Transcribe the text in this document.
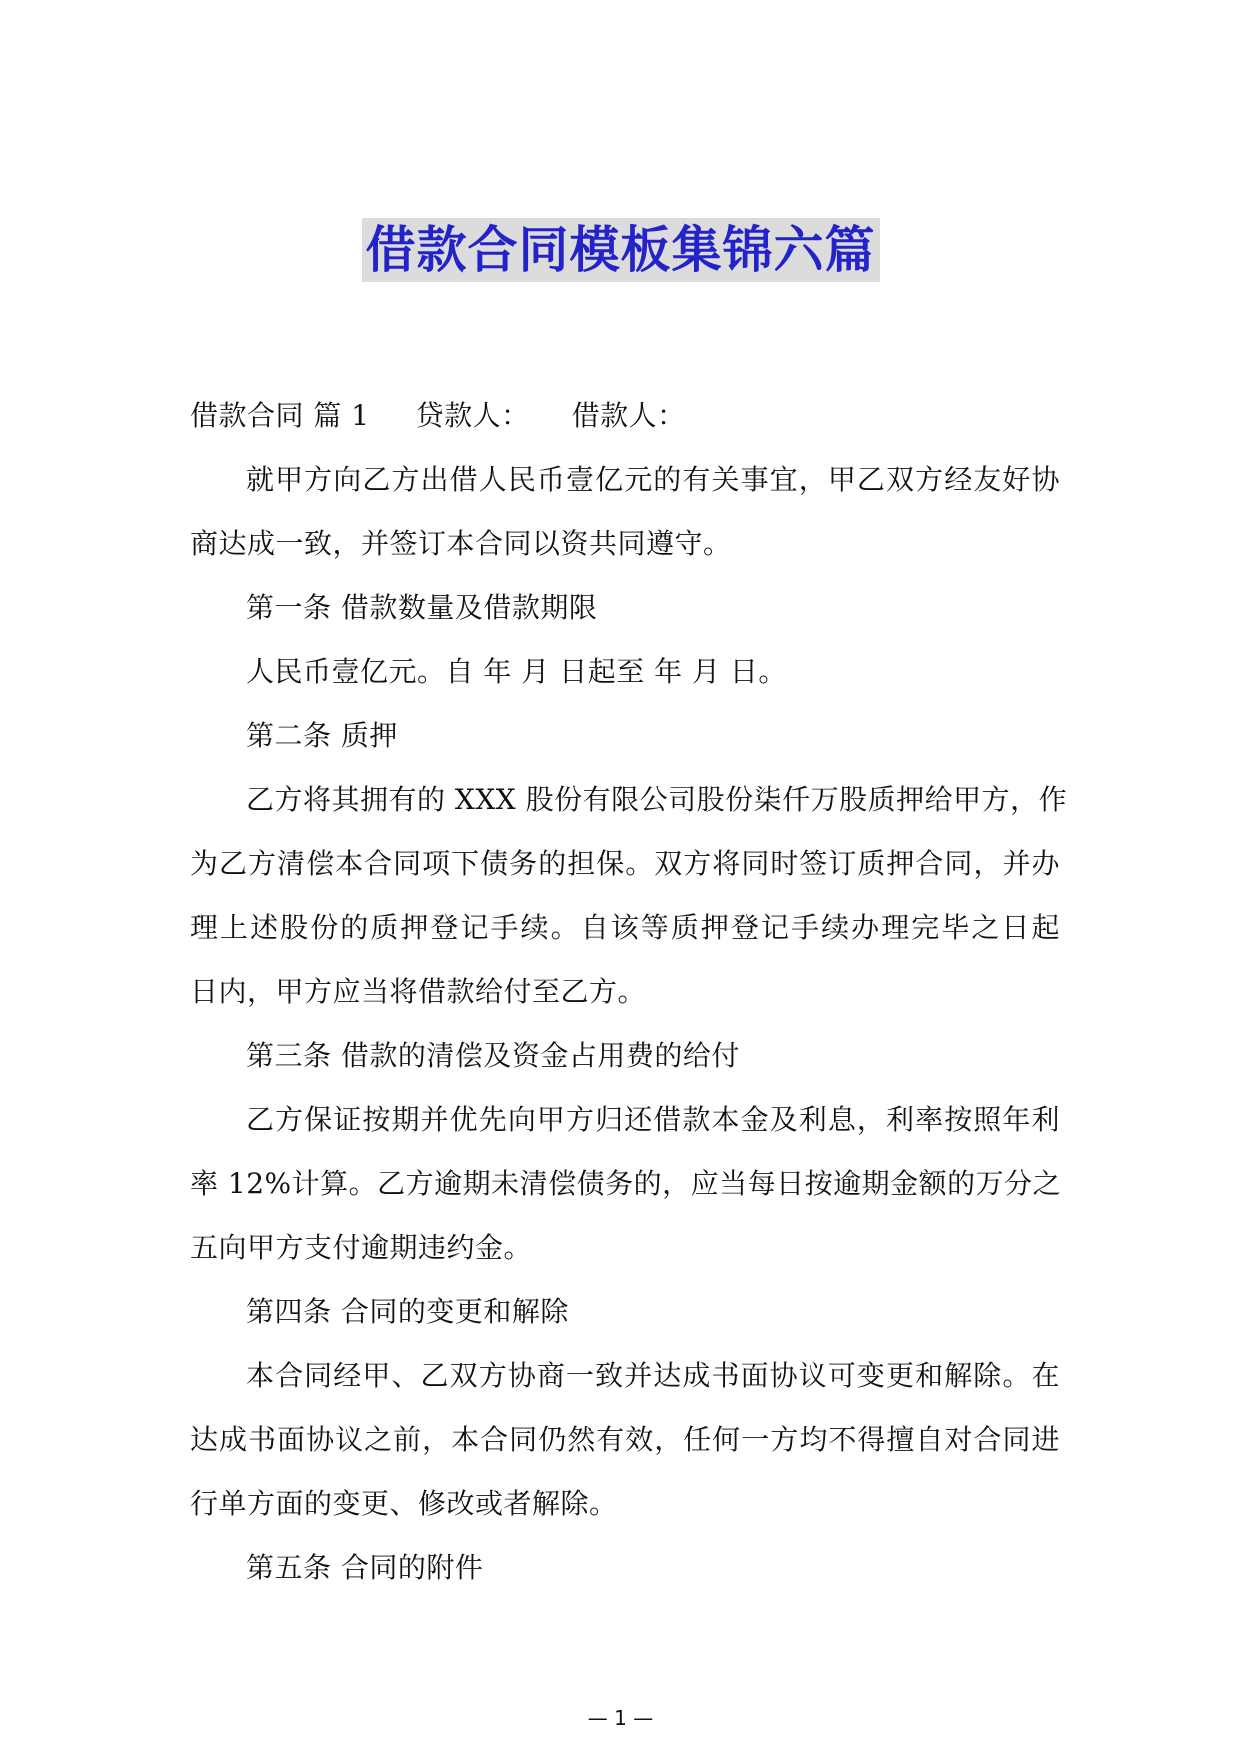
借款合同模板集锦六篇
借款合同 篇 1 贷款人： 借款人：
就甲方向乙方出借人民币壹亿元的有关事宜，甲乙双方经友好协
商达成一致，并签订本合同以资共同遵守。
第一条 借款数量及借款期限
人民币壹亿元。自 年 月 日起至 年 月 日。
第二条 质押
乙方将其拥有的 XXX 股份有限公司股份柒仟万股质押给甲方，作
为乙方清偿本合同项下债务的担保。双方将同时签订质押合同，并办
理上述股份的质押登记手续。自该等质押登记手续办理完毕之日起
日内，甲方应当将借款给付至乙方。
第三条 借款的清偿及资金占用费的给付
乙方保证按期并优先向甲方归还借款本金及利息，利率按照年利
率 12%计算。乙方逾期未清偿债务的，应当每日按逾期金额的万分之
五向甲方支付逾期违约金。
第四条 合同的变更和解除
本合同经甲、乙双方协商一致并达成书面协议可变更和解除。在
达成书面协议之前，本合同仍然有效，任何一方均不得擅自对合同进
行单方面的变更、修改或者解除。
第五条 合同的附件
— 1 —
